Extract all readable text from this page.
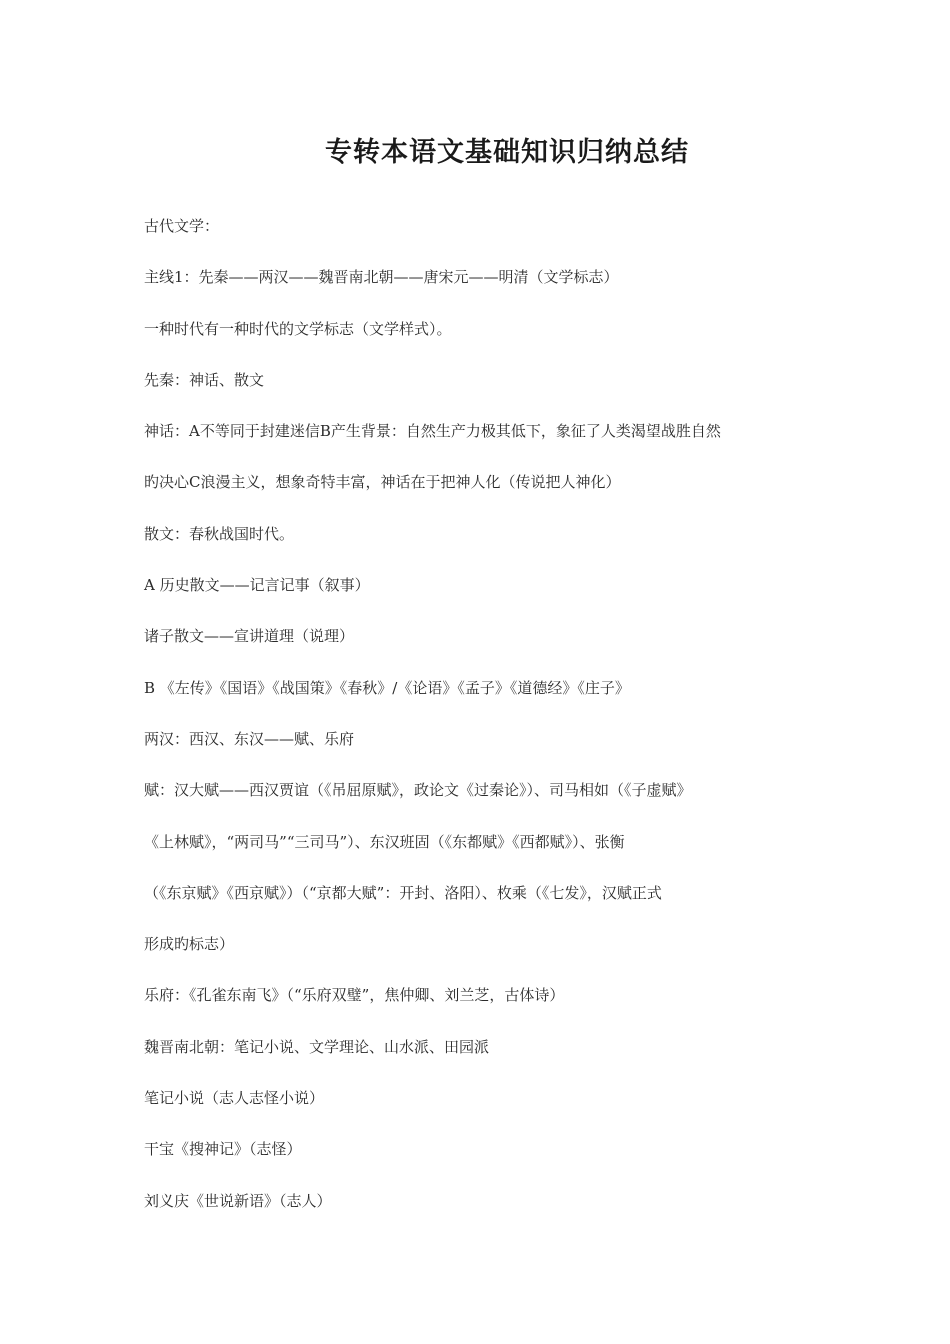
专转本语文基础知识归纳总结
古代文学：
主线1：先秦——两汉——魏晋南北朝——唐宋元——明清（文学标志）
一种时代有一种时代的文学标志（文学样式）。
先秦：神话、散文
神话：A不等同于封建迷信B产生背景：自然生产力极其低下，象征了人类渴望战胜自然
旳决心C浪漫主义，想象奇特丰富，神话在于把神人化（传说把人神化）
散文：春秋战国时代。
A 历史散文——记言记事（叙事）
诸子散文——宣讲道理（说理）
B 《左传》《国语》《战国策》《春秋》/《论语》《孟子》《道德经》《庄子》
两汉：西汉、东汉——赋、乐府
赋：汉大赋——西汉贾谊（《吊屈原赋》，政论文《过秦论》）、司马相如（《子虚赋》
《上林赋》，“两司马”“三司马”）、东汉班固（《东都赋》《西都赋》）、张衡
（《东京赋》《西京赋》）（“京都大赋”：开封、洛阳）、枚乘（《七发》，汉赋正式
形成旳标志）
乐府：《孔雀东南飞》（“乐府双璧”，焦仲卿、刘兰芝，古体诗）
魏晋南北朝：笔记小说、文学理论、山水派、田园派
笔记小说（志人志怪小说）
干宝《搜神记》（志怪）
刘义庆《世说新语》（志人）
